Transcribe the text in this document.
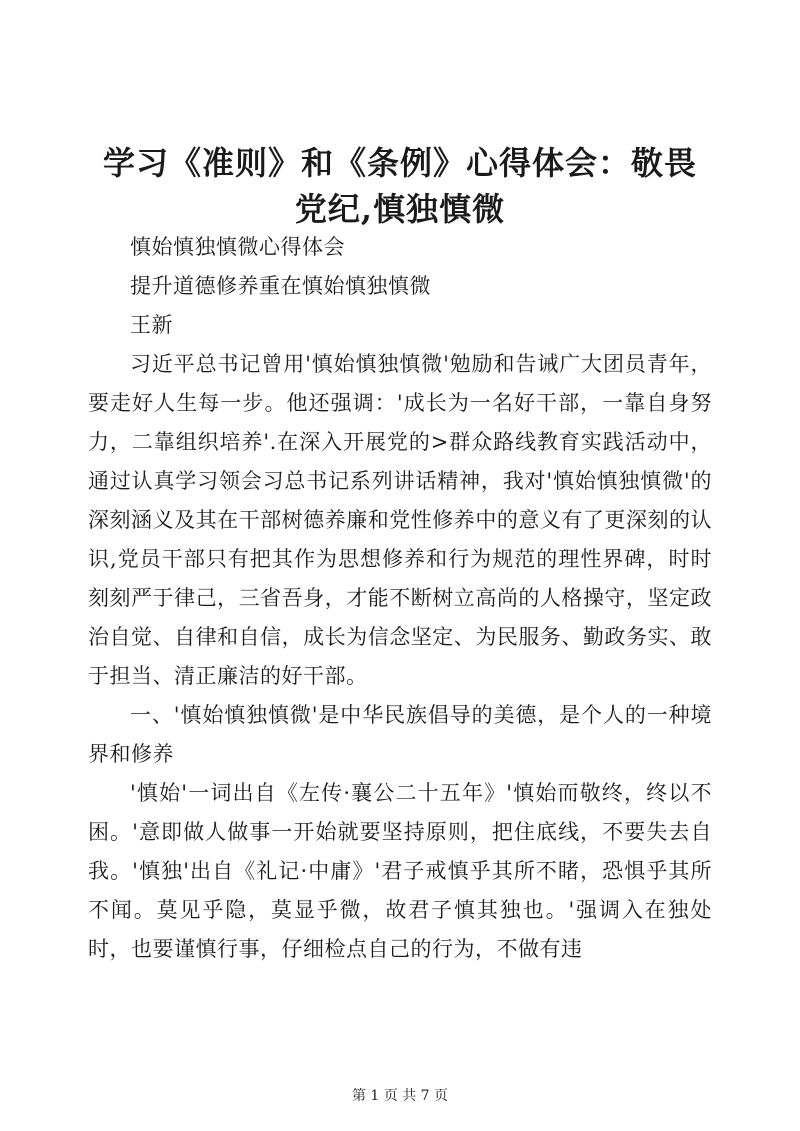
学习《准则》和《条例》心得体会：敬畏党纪,慎独慎微

慎始慎独慎微心得体会

提升道德修养重在慎始慎独慎微

王新

习近平总书记曾用'慎始慎独慎微'勉励和告诫广大团员青年，要走好人生每一步。他还强调：'成长为一名好干部，一靠自身努力，二靠组织培养'.在深入开展党的>群众路线教育实践活动中，通过认真学习领会习总书记系列讲话精神，我对'慎始慎独慎微'的深刻涵义及其在干部树德养廉和党性修养中的意义有了更深刻的认识,党员干部只有把其作为思想修养和行为规范的理性界碑，时时刻刻严于律己，三省吾身，才能不断树立高尚的人格操守，坚定政治自觉、自律和自信，成长为信念坚定、为民服务、勤政务实、敢于担当、清正廉洁的好干部。

一、'慎始慎独慎微'是中华民族倡导的美德，是个人的一种境界和修养

'慎始'一词出自《左传·襄公二十五年》'慎始而敬终，终以不困。'意即做人做事一开始就要坚持原则，把住底线，不要失去自我。'慎独'出自《礼记·中庸》'君子戒慎乎其所不睹，恐惧乎其所不闻。莫见乎隐，莫显乎微，故君子慎其独也。'强调入在独处时，也要谨慎行事，仔细检点自己的行为，不做有违

第 1 页 共 7 页
